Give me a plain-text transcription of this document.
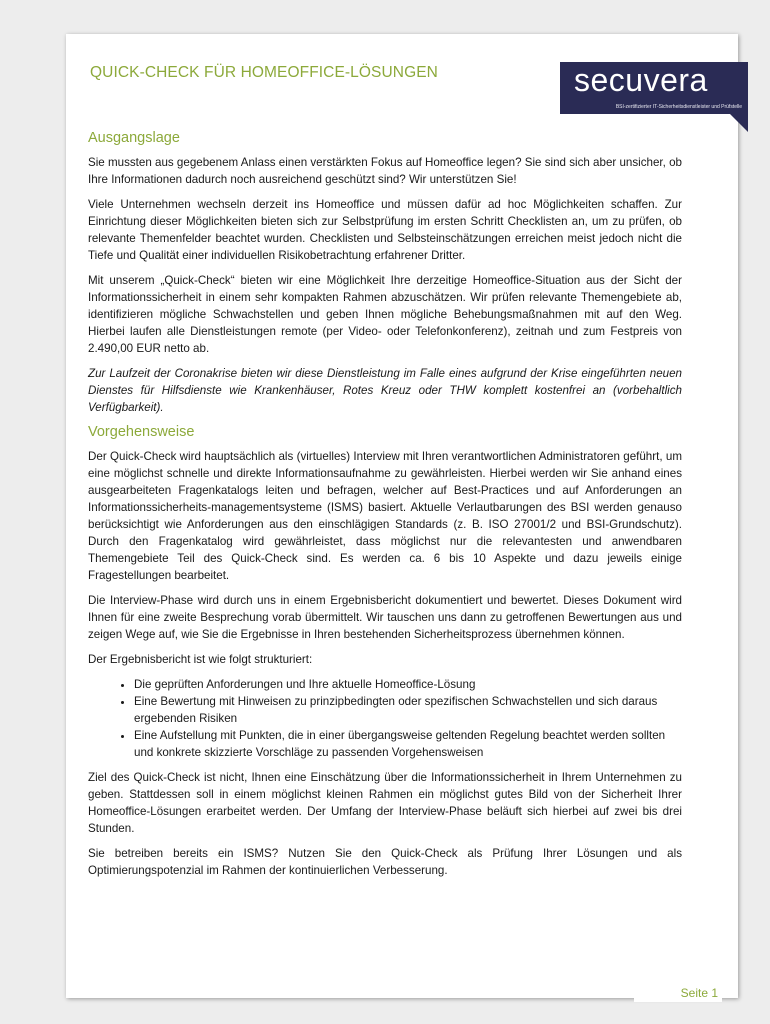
QUICK-CHECK FÜR HOMEOFFICE-LÖSUNGEN	secuvera
BSI-zertifizierter IT-Sicherheitsdienstleister und Prüfstelle
Ausgangslage

Sie mussten aus gegebenem Anlass einen verstärkten Fokus auf Homeoffice legen? Sie sind sich aber unsicher, ob Ihre Informationen dadurch noch ausreichend geschützt sind? Wir unterstützen Sie!

Viele Unternehmen wechseln derzeit ins Homeoffice und müssen dafür ad hoc Möglichkeiten schaffen. Zur Einrichtung dieser Möglichkeiten bieten sich zur Selbstprüfung im ersten Schritt Checklisten an, um zu prüfen, ob relevante Themenfelder beachtet wurden. Checklisten und Selbsteinschätzungen erreichen meist jedoch nicht die Tiefe und Qualität einer individuellen Risikobetrachtung erfahrener Dritter.

Mit unserem „Quick-Check“ bieten wir eine Möglichkeit Ihre derzeitige Homeoffice-Situation aus der Sicht der Informationssicherheit in einem sehr kompakten Rahmen abzuschätzen. Wir prüfen relevante Themengebiete ab, identifizieren mögliche Schwachstellen und geben Ihnen mögliche Behebungsmaßnahmen mit auf den Weg. Hierbei laufen alle Dienstleistungen remote (per Video- oder Telefonkonferenz), zeitnah und zum Festpreis von 2.490,00 EUR netto ab.

Zur Laufzeit der Coronakrise bieten wir diese Dienstleistung im Falle eines aufgrund der Krise eingeführten neuen Dienstes für Hilfsdienste wie Krankenhäuser, Rotes Kreuz oder THW komplett kostenfrei an (vorbehaltlich Verfügbarkeit).

Vorgehensweise

Der Quick-Check wird hauptsächlich als (virtuelles) Interview mit Ihren verantwortlichen Administratoren geführt, um eine möglichst schnelle und direkte Informationsaufnahme zu gewährleisten. Hierbei werden wir Sie anhand eines ausgearbeiteten Fragenkatalogs leiten und befragen, welcher auf Best-Practices und auf Anforderungen an Informationssicherheits-managementsysteme (ISMS) basiert. Aktuelle Verlautbarungen des BSI werden genauso berücksichtigt wie Anforderungen aus den einschlägigen Standards (z. B. ISO 27001/2 und BSI-Grundschutz). Durch den Fragenkatalog wird gewährleistet, dass möglichst nur die relevantesten und anwendbaren Themengebiete Teil des Quick-Check sind. Es werden ca. 6 bis 10 Aspekte und dazu jeweils einige Fragestellungen bearbeitet.

Die Interview-Phase wird durch uns in einem Ergebnisbericht dokumentiert und bewertet. Dieses Dokument wird Ihnen für eine zweite Besprechung vorab übermittelt. Wir tauschen uns dann zu getroffenen Bewertungen aus und zeigen Wege auf, wie Sie die Ergebnisse in Ihren bestehenden Sicherheitsprozess übernehmen können.

Der Ergebnisbericht ist wie folgt strukturiert:

• Die geprüften Anforderungen und Ihre aktuelle Homeoffice-Lösung
• Eine Bewertung mit Hinweisen zu prinzipbedingten oder spezifischen Schwachstellen und sich daraus ergebenden Risiken
• Eine Aufstellung mit Punkten, die in einer übergangsweise geltenden Regelung beachtet werden sollten und konkrete skizzierte Vorschläge zu passenden Vorgehensweisen

Ziel des Quick-Check ist nicht, Ihnen eine Einschätzung über die Informationssicherheit in Ihrem Unternehmen zu geben. Stattdessen soll in einem möglichst kleinen Rahmen ein möglichst gutes Bild von der Sicherheit Ihrer Homeoffice-Lösungen erarbeitet werden. Der Umfang der Interview-Phase beläuft sich hierbei auf zwei bis drei Stunden.

Sie betreiben bereits ein ISMS? Nutzen Sie den Quick-Check als Prüfung Ihrer Lösungen und als Optimierungspotenzial im Rahmen der kontinuierlichen Verbesserung.

Seite 1
